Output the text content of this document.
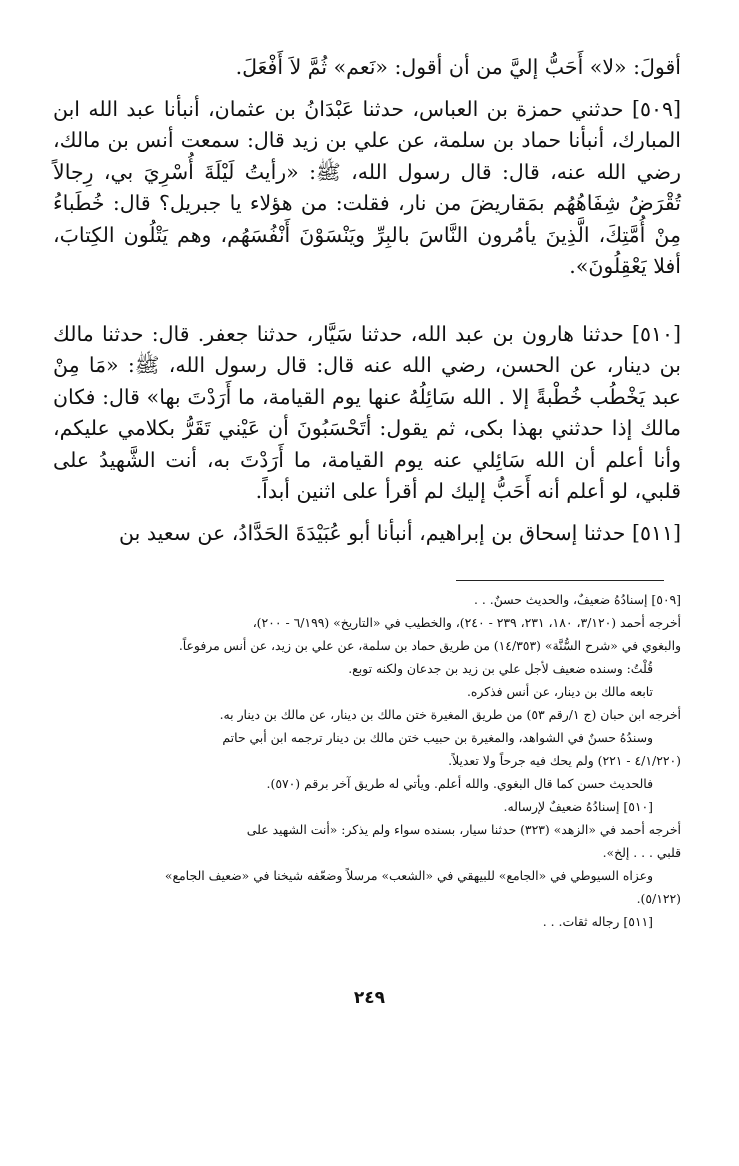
أقولَ: «لا» أَحَبُّ إليَّ من أن أقول: «نَعم» ثُمَّ لاَ أَفْعَلَ.

[٥٠٩] حدثني حمزة بن العباس، حدثنا عَبْدَانُ بن عثمان، أنبأنا عبد الله ابن المبارك، أنبأنا حماد بن سلمة، عن علي بن زيد قال: سمعت أنس بن مالك، رضي الله عنه، قال: قال رسول الله، ﷺ: «رأيتُ لَيْلَةَ أُسْرِيَ بي، رِجالاً تُقْرَضُ شِفَاهُهُم بمَقاريضَ من نار، فقلت: من هؤلاء يا جبريل؟ قال: خُطَباءُ مِنْ أُمَّتِكَ، الَّذِينَ يأمُرون النَّاسَ بالبِرِّ ويَنْسَوْنَ أَنْفُسَهُم، وهم يَتْلُون الكِتابَ، أفلا يَعْقِلُونَ».

[٥١٠] حدثنا هارون بن عبد الله، حدثنا سَيَّار، حدثنا جعفر. قال: حدثنا مالك بن دينار، عن الحسن، رضي الله عنه قال: قال رسول الله، ﷺ: «مَا مِنْ عبد يَخْطُب خُطْبةً إلا . الله سَائِلُهُ عنها يوم القيامة، ما أَرَدْتَ بها» قال: فكان مالك إذا حدثني بهذا بكى، ثم يقول: أتَحْسَبُونَ أن عَيْني تَقَرُّ بكلامي عليكم، وأنا أعلم أن الله سَائِلي عنه يوم القيامة، ما أَرَدْتَ به، أنت الشَّهيدُ على قلبي، لو أعلم أنه أَحَبُّ إليك لم أقرأ على اثنين أبداً.

[٥١١] حدثنا إسحاق بن إبراهيم، أنبأنا أبو عُبَيْدَةَ الحَدَّادُ، عن سعيد بن

[٥٠٩] إسنادُهُ ضعيفٌ، والحديث حسنٌ. . .

أخرجه أحمد (٣/١٢٠، ١٨٠، ٢٣١، ٢٣٩ - ٢٤٠)، والخطيب في «التاريخ» (٦/١٩٩ - ٢٠٠)،

والبغوي في «شرح السُّنَّة» (١٤/٣٥٣) من طريق حماد بن سلمة، عن علي بن زيد، عن أنس مرفوعاً.

قُلْتُ: وسنده ضعيف لأجل علي بن زيد بن جدعان ولكنه توبع.

تابعه مالك بن دينار، عن أنس فذكره.

أخرجه ابن حبان (ج ١/رقم ٥٣) من طريق المغيرة ختن مالك بن دينار، عن مالك بن دينار به.

وسندُهُ حسنٌ في الشواهد، والمغيرة بن حبيب ختن مالك بن دينار ترجمه ابن أبي حاتم

(٤/١/٢٢٠ - ٢٢١) ولم يحك فيه جرحاً ولا تعديلاً.

فالحديث حسن كما قال البغوي. والله أعلم. ويأتي له طريق آخر برقم (٥٧٠).

[٥١٠] إسنادُهُ ضعيفٌ لإرساله.

أخرجه أحمد في «الزهد» (٣٢٣) حدثنا سيار، بسنده سواء ولم يذكر: «أنت الشهيد على

قلبي . . . إلخ».

وعزاه السيوطي في «الجامع» للبيهقي في «الشعب» مرسلاً وضعّفه شيخنا في «ضعيف الجامع»

(٥/١٢٢).

[٥١١] رجاله ثقات. . .

٢٤٩
